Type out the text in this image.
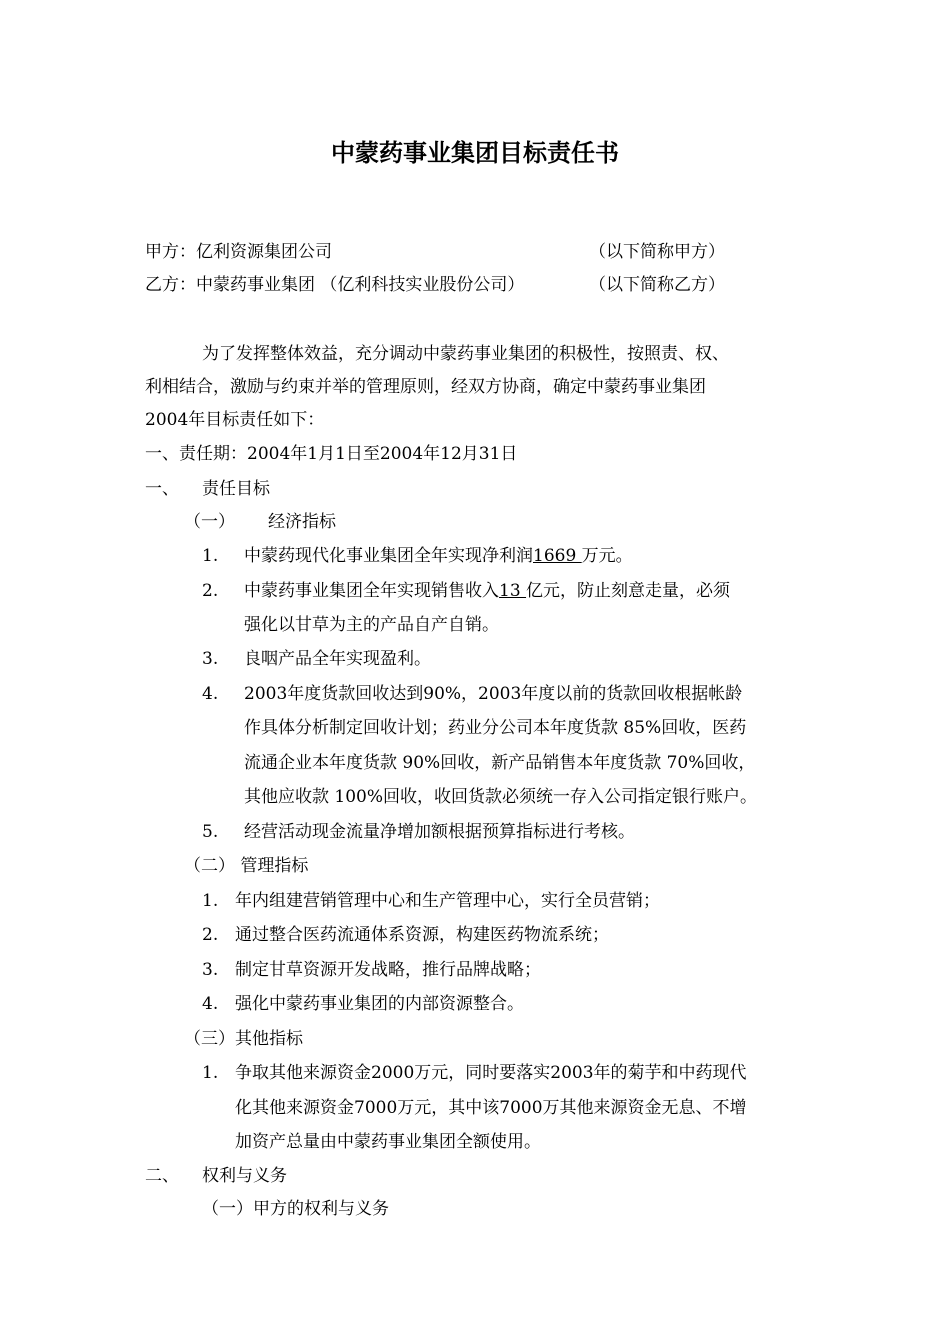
中蒙药事业集团目标责任书
甲方：亿利资源集团公司	（以下简称甲方）
乙方：中蒙药事业集团 （亿利科技实业股份公司）	（以下简称乙方）
为了发挥整体效益，充分调动中蒙药事业集团的积极性，按照责、权、
利相结合，激励与约束并举的管理原则，经双方协商，确定中蒙药事业集团
2004年目标责任如下：
一、责任期：2004年1月1日至2004年12月31日
一、 责任目标
（一） 经济指标
1. 中蒙药现代化事业集团全年实现净利润1669 万元。
2. 中蒙药事业集团全年实现销售收入13 亿元，防止刻意走量，必须
强化以甘草为主的产品自产自销。
3. 良咽产品全年实现盈利。
4. 2003年度货款回收达到90%，2003年度以前的货款回收根据帐龄
作具体分析制定回收计划；药业分公司本年度货款 85%回收，医药
流通企业本年度货款 90%回收，新产品销售本年度货款 70%回收，
其他应收款 100%回收，收回货款必须统一存入公司指定银行账户。
5. 经营活动现金流量净增加额根据预算指标进行考核。
（二） 管理指标
1. 年内组建营销管理中心和生产管理中心，实行全员营销；
2. 通过整合医药流通体系资源，构建医药物流系统；
3. 制定甘草资源开发战略，推行品牌战略；
4. 强化中蒙药事业集团的内部资源整合。
（三）其他指标
1. 争取其他来源资金2000万元，同时要落实2003年的菊芋和中药现代
化其他来源资金7000万元，其中该7000万其他来源资金无息、不增
加资产总量由中蒙药事业集团全额使用。
二、 权利与义务
（一）甲方的权利与义务
